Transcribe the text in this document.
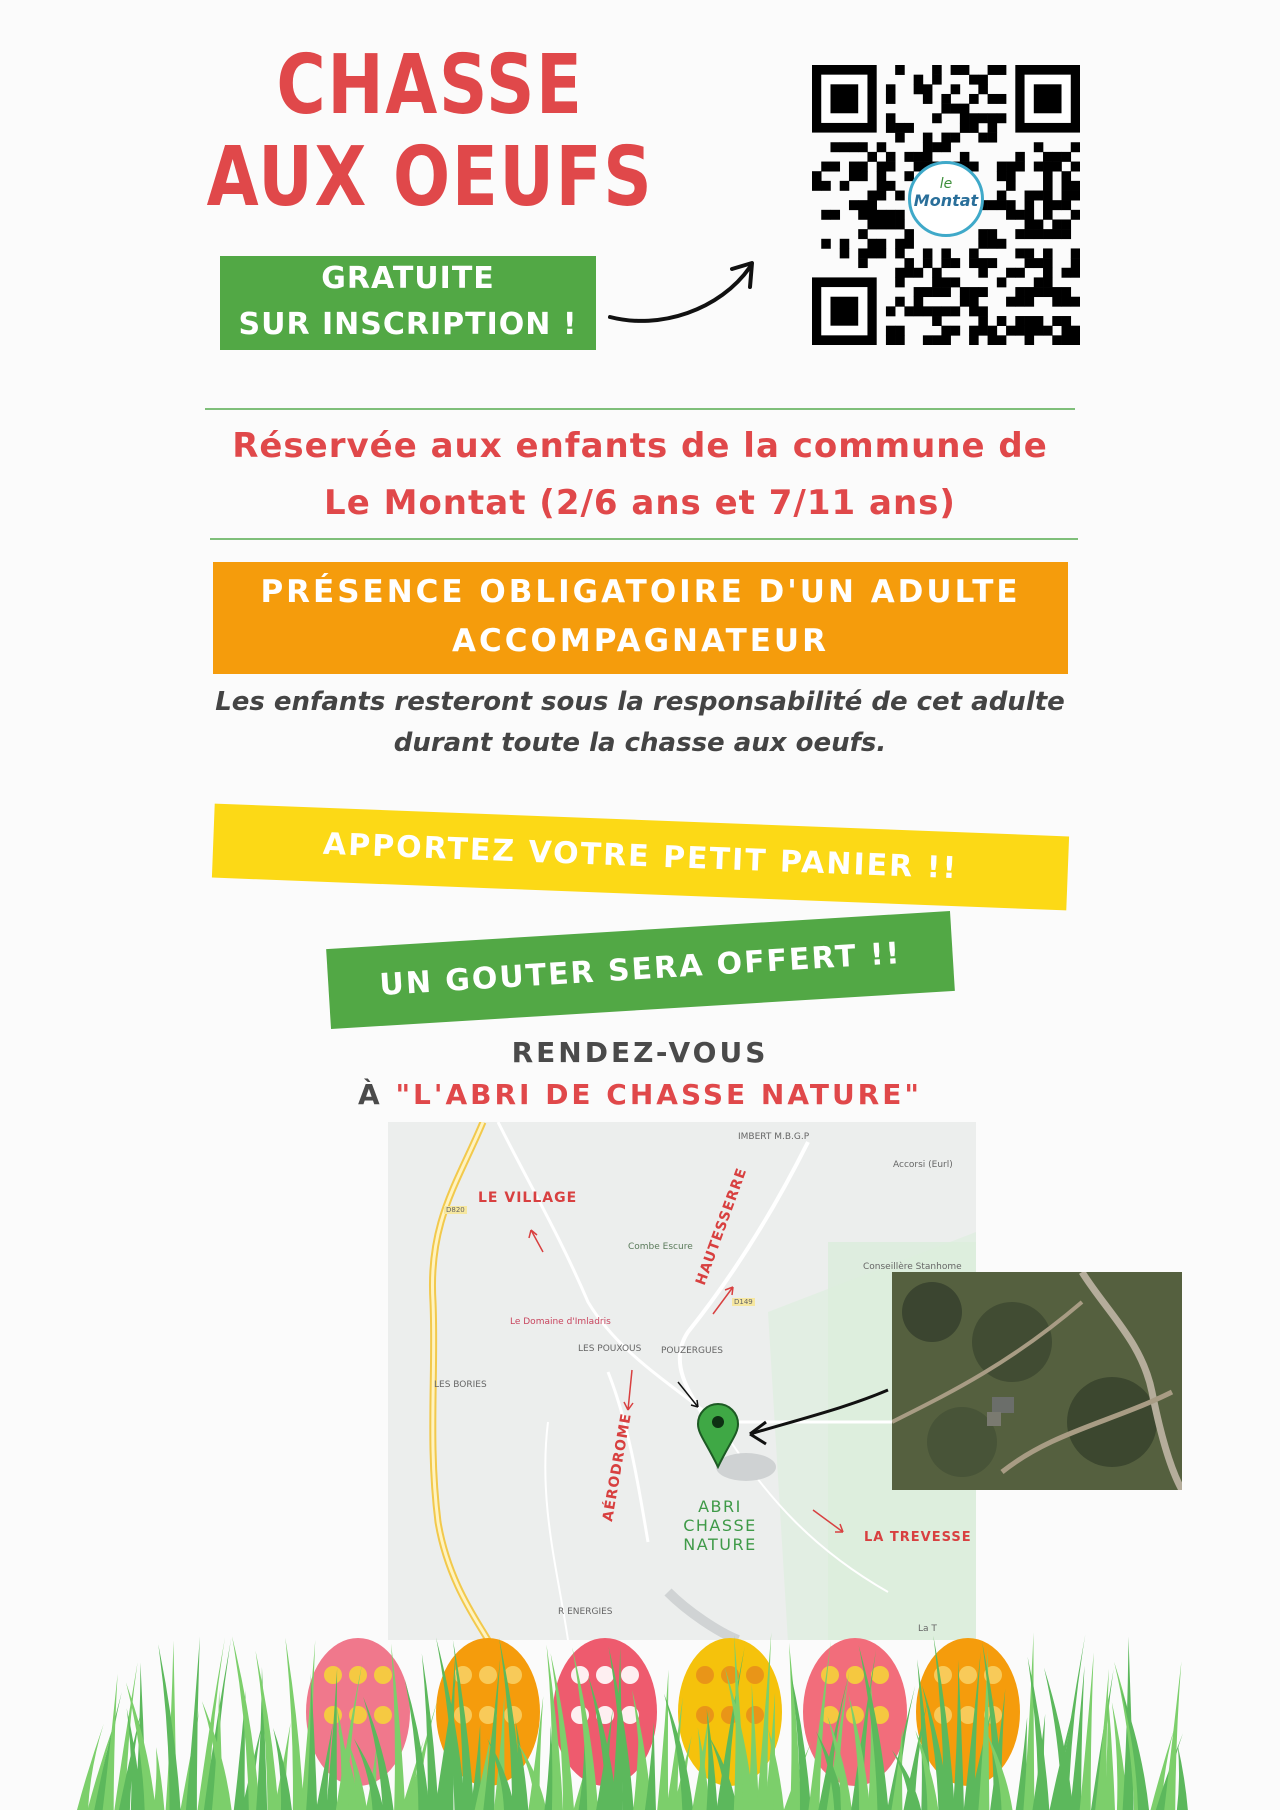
CHASSE AUX OEUFS
GRATUITE
SUR INSCRIPTION !
le
Montat
Réservée aux enfants de la commune de
Le Montat (2/6 ans et 7/11 ans)
PRÉSENCE OBLIGATOIRE D'UN ADULTE
ACCOMPAGNATEUR
Les enfants resteront sous la responsabilité de cet adulte
durant toute la chasse aux oeufs.
APPORTEZ VOTRE PETIT PANIER !!
UN GOUTER SERA OFFERT !!
RENDEZ-VOUS
À "L'ABRI DE CHASSE NATURE"
LE VILLAGE	HAUTESSERRE
AÉRODROME
LA TREVESSE
ABRI
CHASSE NATURE
IMBERT M.B.G.P
Accorsi (Eurl)
Combe Escure
Conseillère Stanhome
Le Domaine d'Imladris
LES POUXOUS POUZERGUES
LES BORIES
R ENERGIES
D820
D149
La T
